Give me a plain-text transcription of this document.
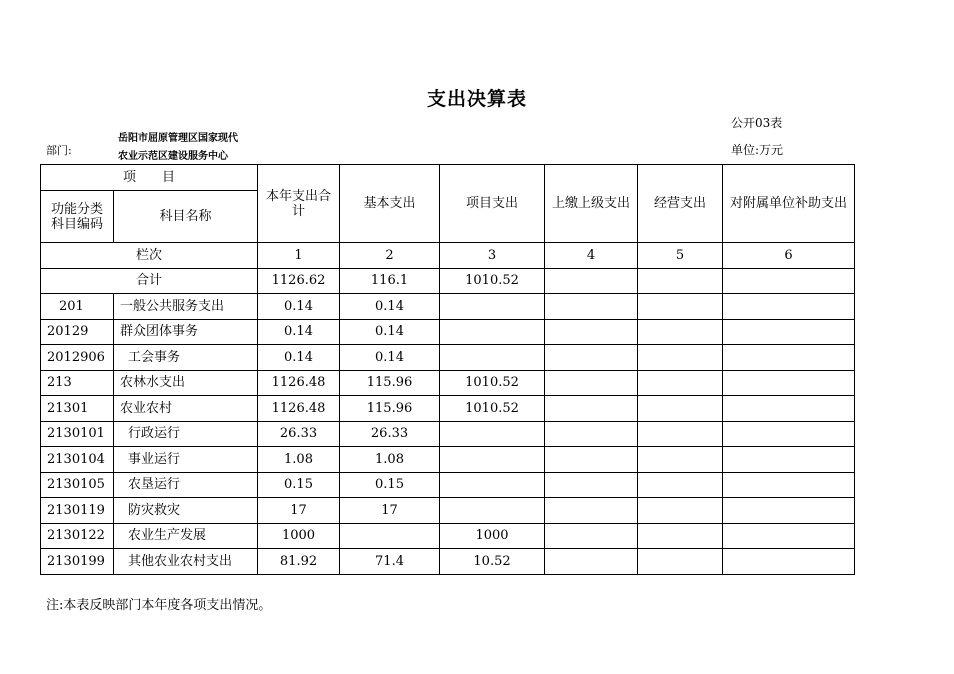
支出决算表
公开03表
部门:
岳阳市屈原管理区国家现代
农业示范区建设服务中心	单位:万元
项　　目		本年支出合计	基本支出	项目支出	上缴上级支出	经营支出	对附属单位补助支出
功能分类科目编码	科目名称						
栏次		1	2	3	4	5	6
合计		1126.62	116.1	1010.52			
201	一般公共服务支出	0.14	0.14				
20129	群众团体事务	0.14	0.14				
2012906	工会事务	0.14	0.14				
213	农林水支出	1126.48	115.96	1010.52			
21301	农业农村	1126.48	115.96	1010.52			
2130101	行政运行	26.33	26.33				
2130104	事业运行	1.08	1.08				
2130105	农垦运行	0.15	0.15				
2130119	防灾救灾	17	17				
2130122	农业生产发展	1000		1000			
2130199	其他农业农村支出	81.92	71.4	10.52			
注:本表反映部门本年度各项支出情况。
